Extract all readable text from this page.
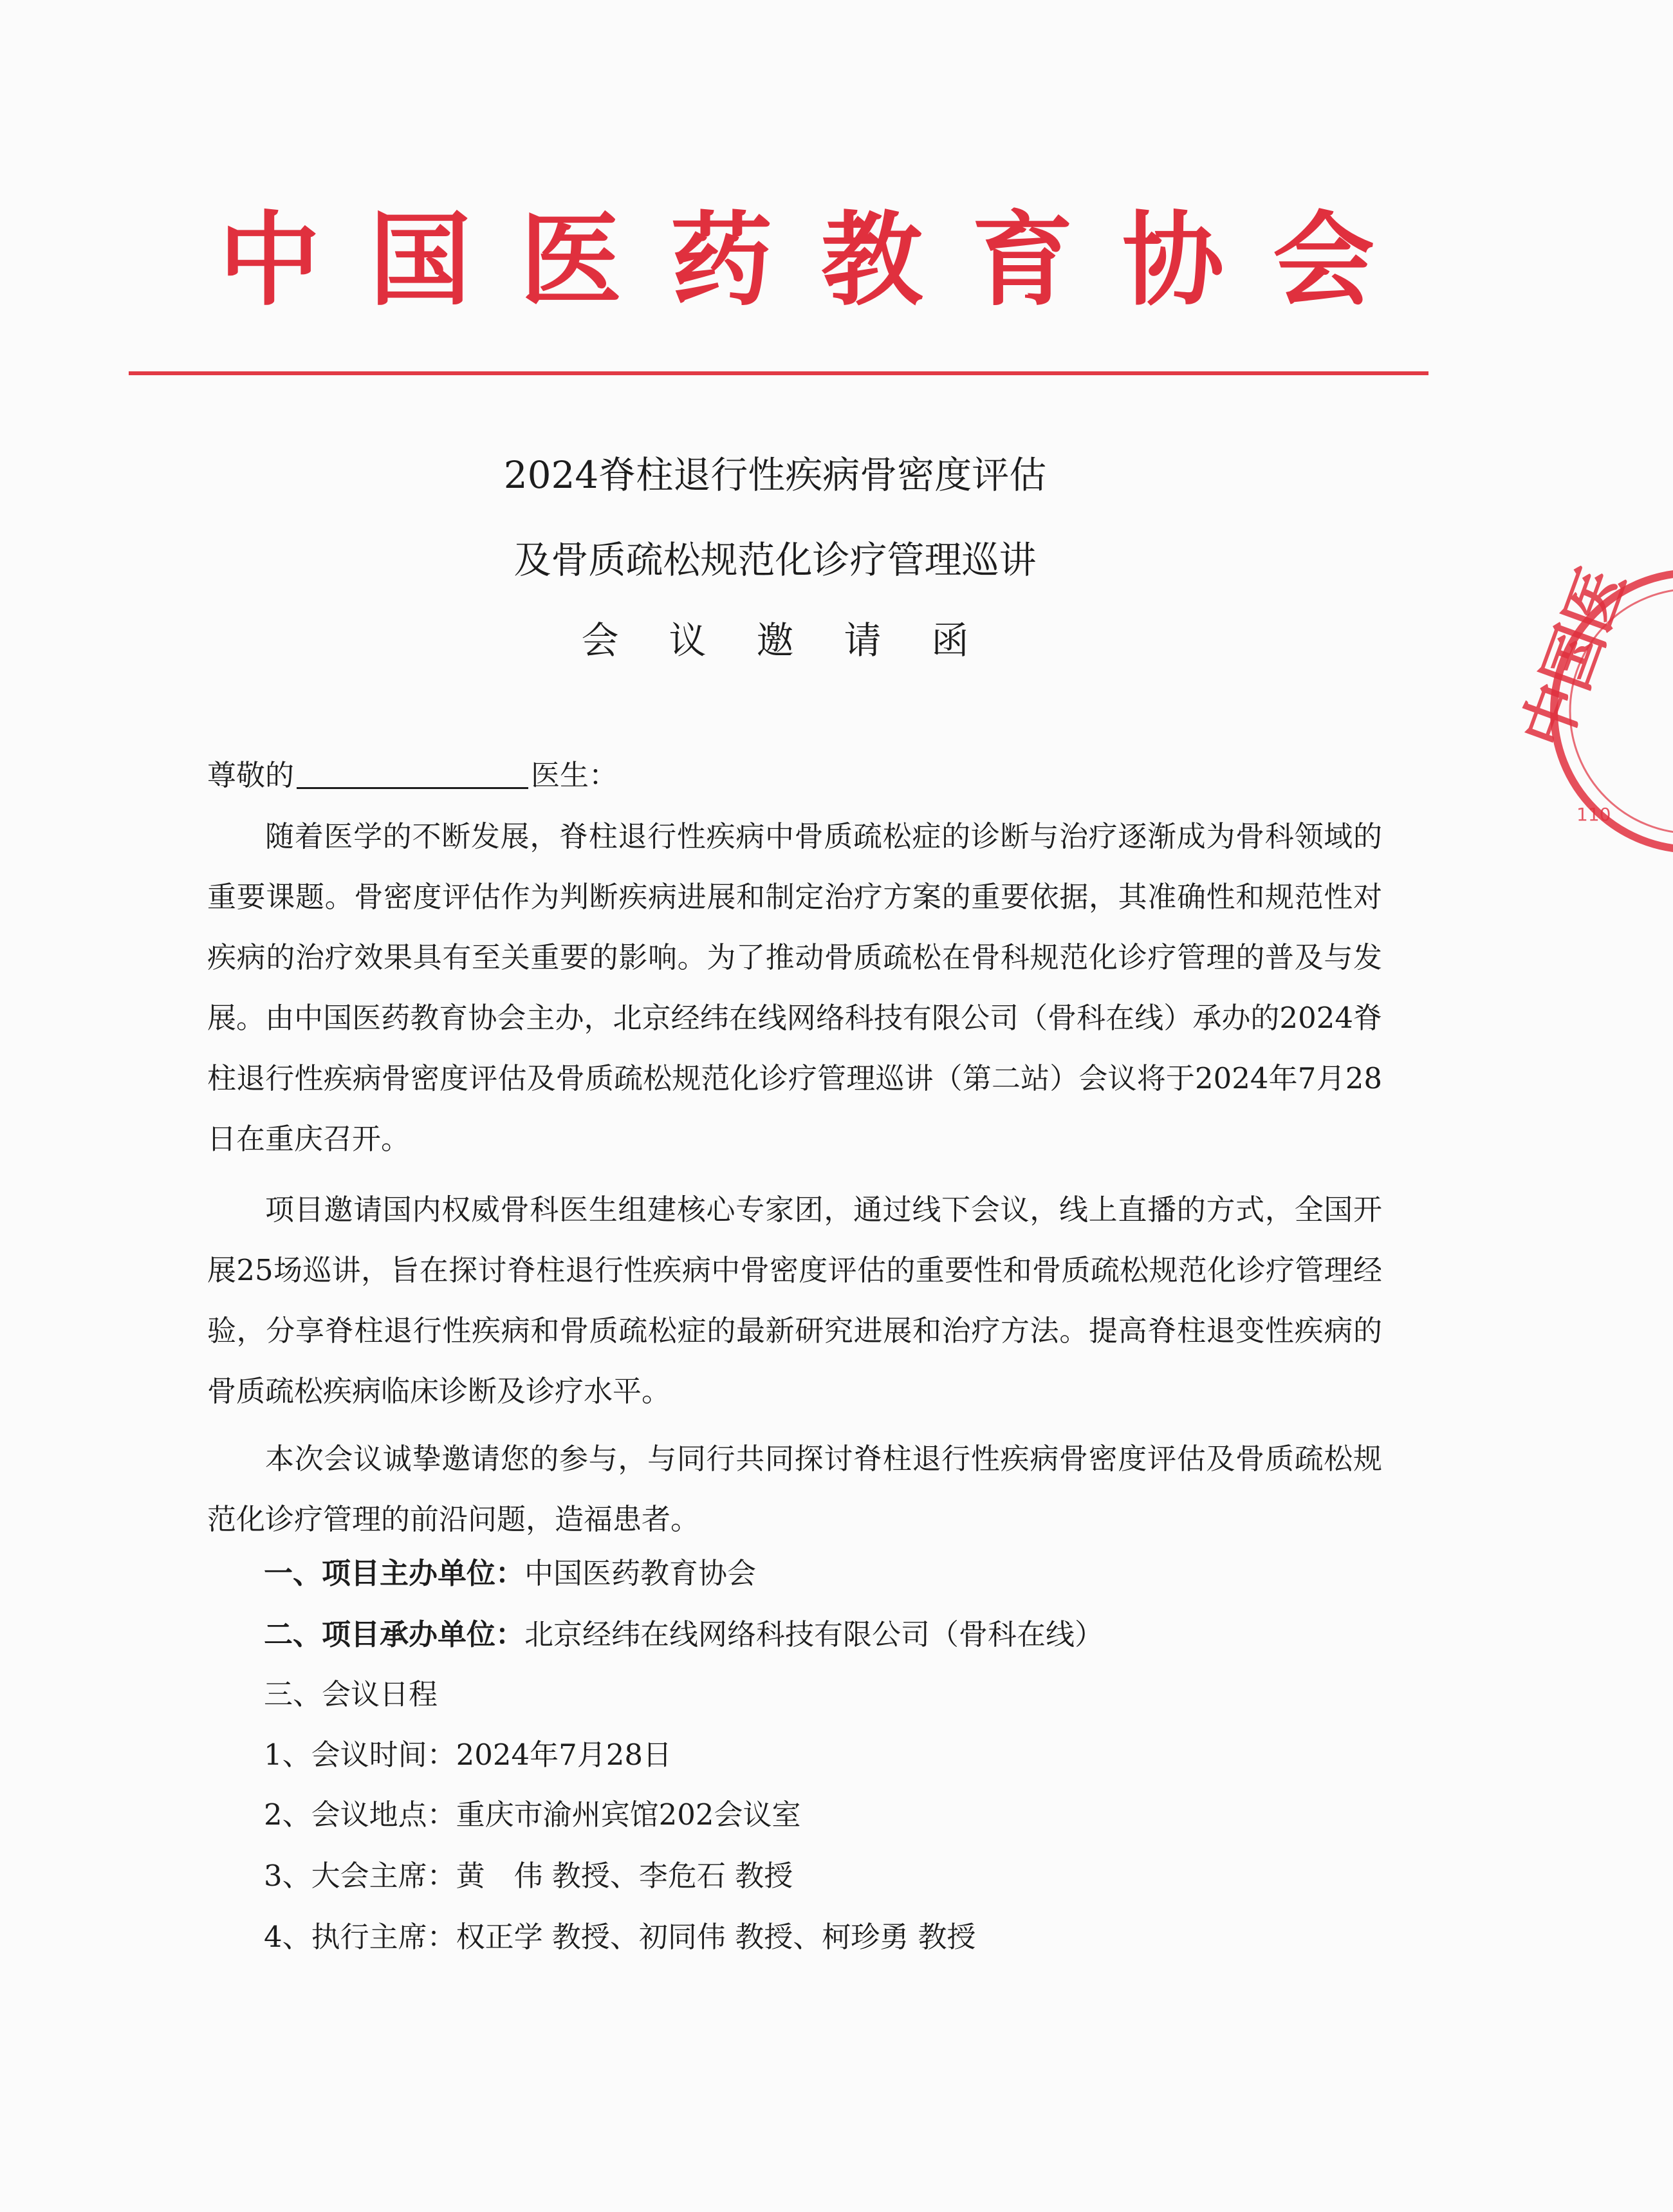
中国医药教育协会
2024脊柱退行性疾病骨密度评估
及骨质疏松规范化诊疗管理巡讲
会议邀请函
尊敬的	医生：

随着医学的不断发展，脊柱退行性疾病中骨质疏松症的诊断与治疗逐渐成为骨科领域的重要课题。骨密度评估作为判断疾病进展和制定治疗方案的重要依据，其准确性和规范性对疾病的治疗效果具有至关重要的影响。为了推动骨质疏松在骨科规范化诊疗管理的普及与发展。由中国医药教育协会主办，北京经纬在线网络科技有限公司（骨科在线）承办的2024脊柱退行性疾病骨密度评估及骨质疏松规范化诊疗管理巡讲（第二站）会议将于2024年7月28日在重庆召开。

项目邀请国内权威骨科医生组建核心专家团，通过线下会议，线上直播的方式，全国开展25场巡讲，旨在探讨脊柱退行性疾病中骨密度评估的重要性和骨质疏松规范化诊疗管理经验，分享脊柱退行性疾病和骨质疏松症的最新研究进展和治疗方法。提高脊柱退变性疾病的骨质疏松疾病临床诊断及诊疗水平。

本次会议诚挚邀请您的参与，与同行共同探讨脊柱退行性疾病骨密度评估及骨质疏松规范化诊疗管理的前沿问题，造福患者。

一、项目主办单位：中国医药教育协会
二、项目承办单位：北京经纬在线网络科技有限公司（骨科在线）
三、会议日程
1、会议时间：2024年7月28日
2、会议地点：重庆市渝州宾馆202会议室
3、大会主席：黄　伟 教授、李危石 教授
4、执行主席：权正学 教授、初同伟 教授、柯珍勇 教授
中国医
110
